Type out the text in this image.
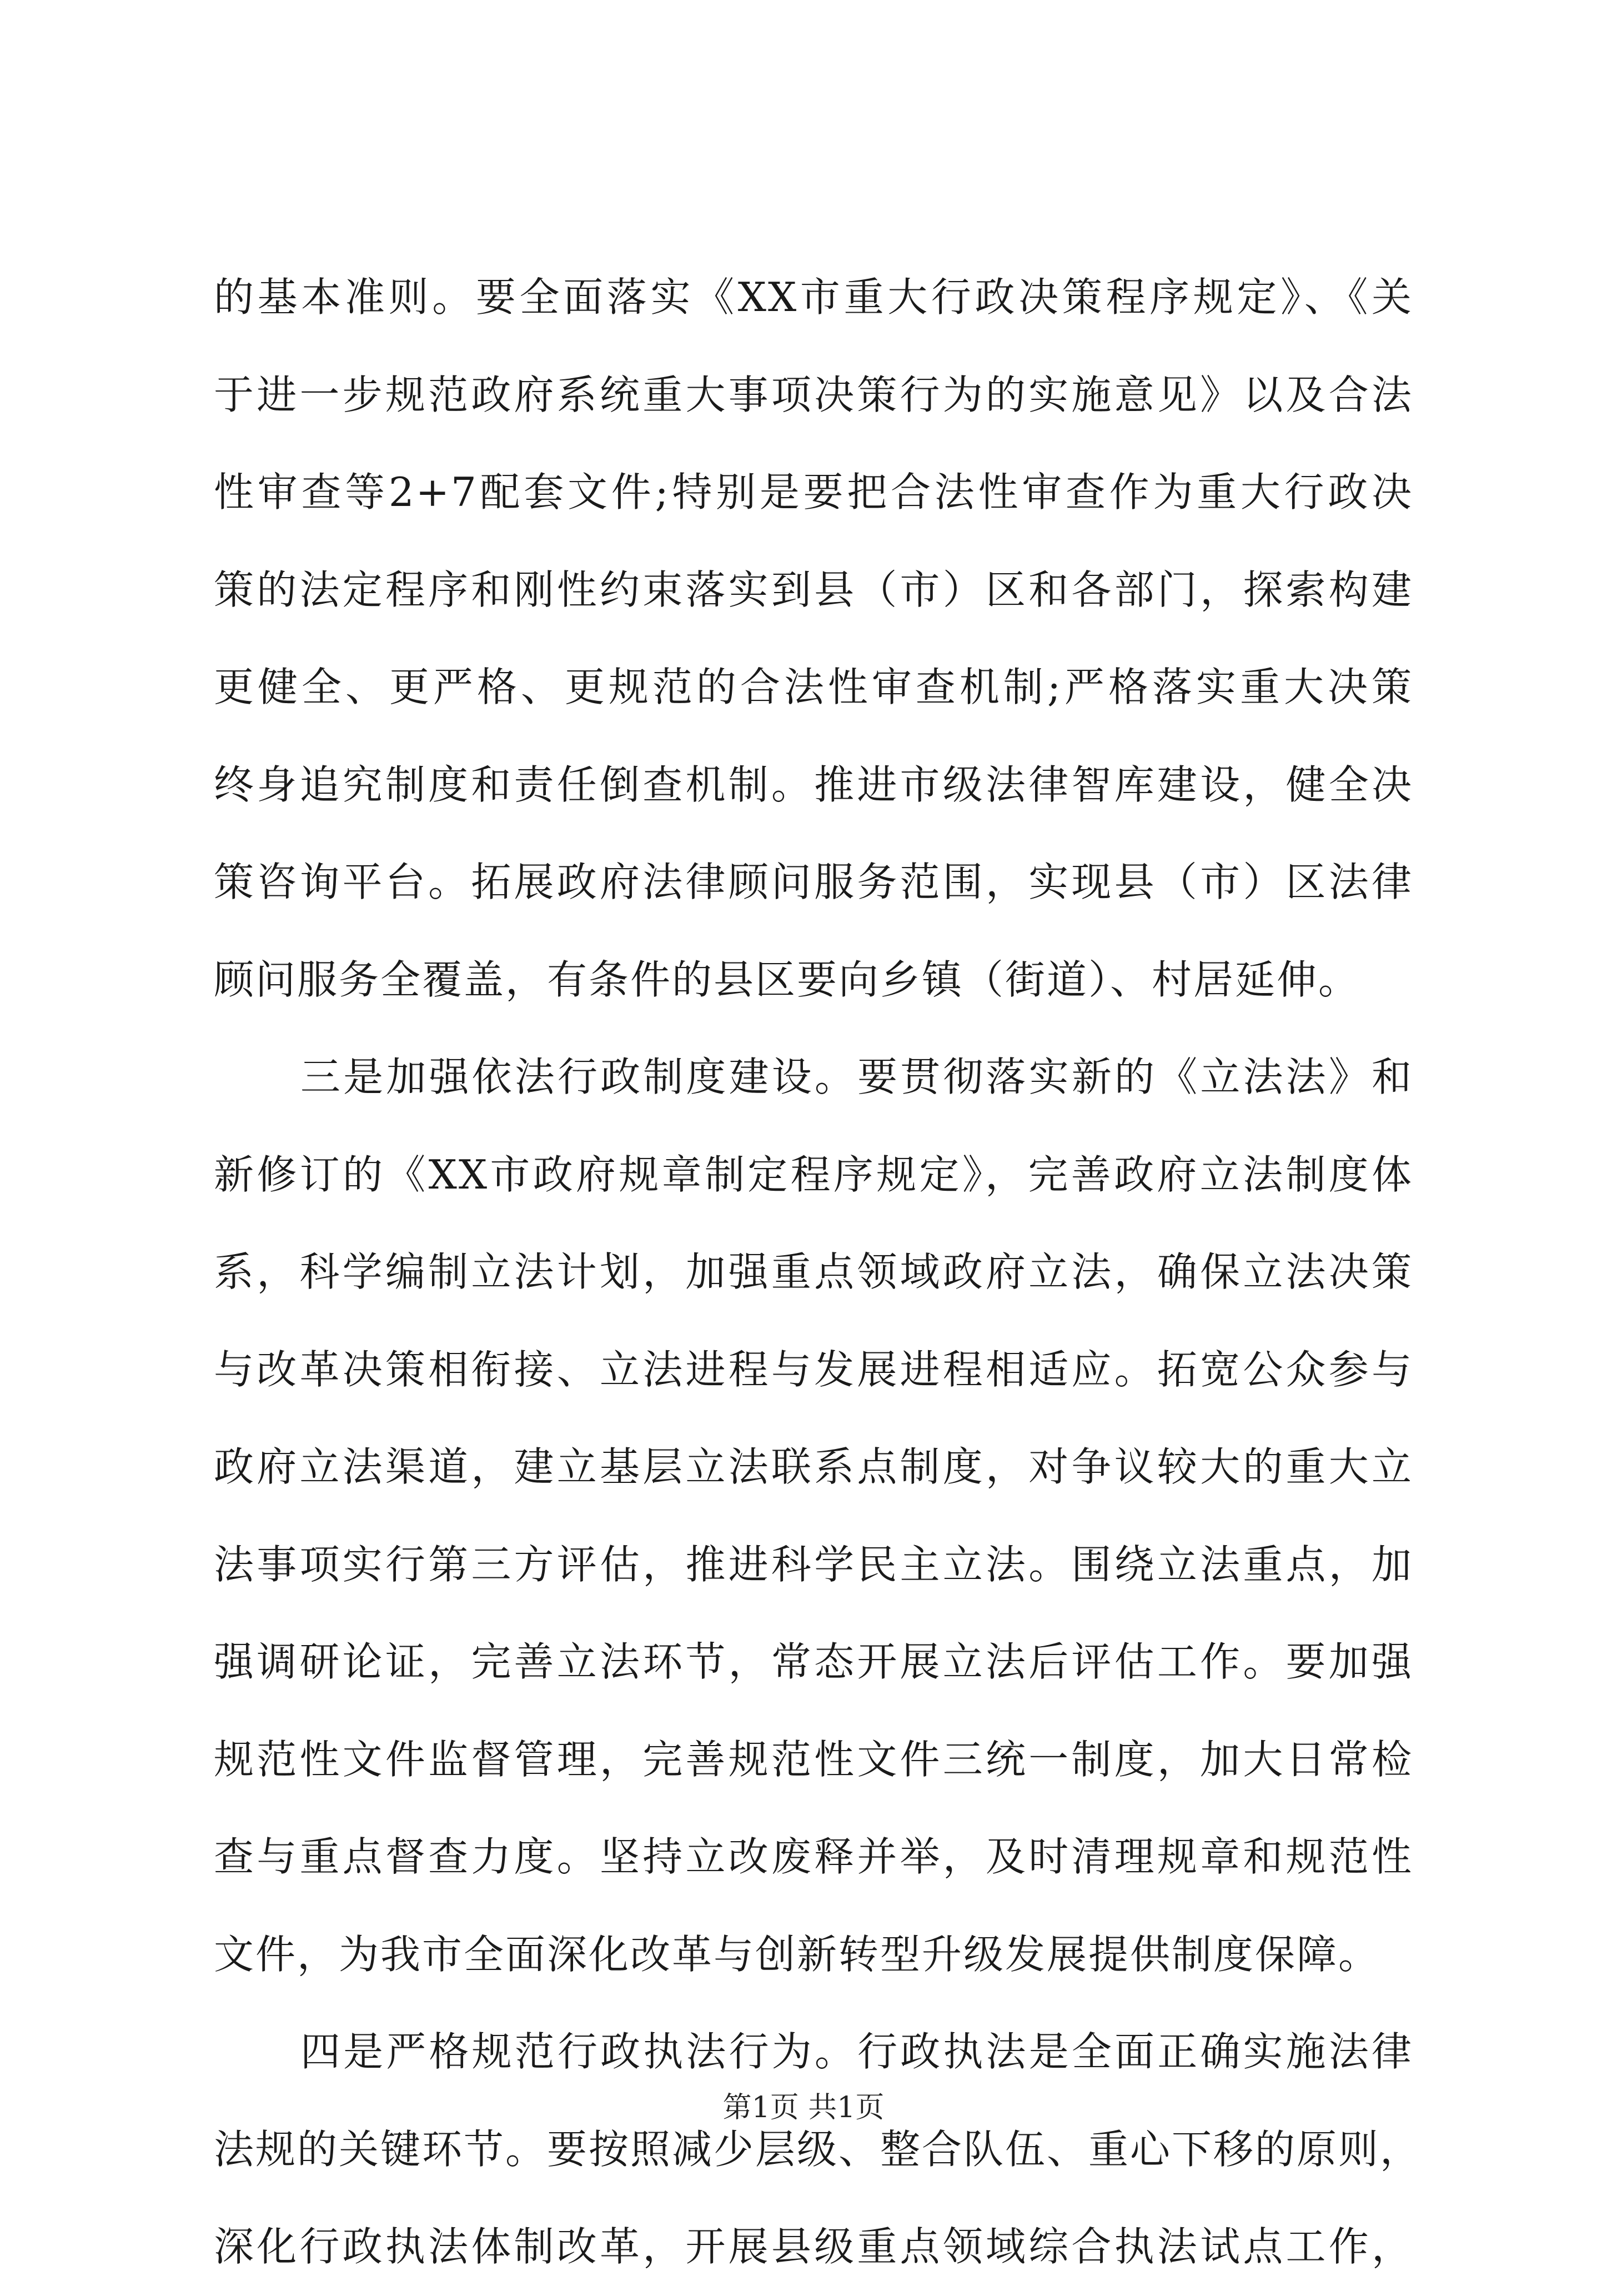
的基本准则。要全面落实《XX市重大行政决策程序规定》、《关
于进一步规范政府系统重大事项决策行为的实施意见》以及合法
性审查等2+7配套文件;特别是要把合法性审查作为重大行政决
策的法定程序和刚性约束落实到县（市）区和各部门，探索构建
更健全、更严格、更规范的合法性审查机制;严格落实重大决策
终身追究制度和责任倒查机制。推进市级法律智库建设，健全决
策咨询平台。拓展政府法律顾问服务范围，实现县（市）区法律
顾问服务全覆盖，有条件的县区要向乡镇（街道）、村居延伸。
三是加强依法行政制度建设。要贯彻落实新的《立法法》和
新修订的《XX市政府规章制定程序规定》，完善政府立法制度体
系，科学编制立法计划，加强重点领域政府立法，确保立法决策
与改革决策相衔接、立法进程与发展进程相适应。拓宽公众参与
政府立法渠道，建立基层立法联系点制度，对争议较大的重大立
法事项实行第三方评估，推进科学民主立法。围绕立法重点，加
强调研论证，完善立法环节，常态开展立法后评估工作。要加强
规范性文件监督管理，完善规范性文件三统一制度，加大日常检
查与重点督查力度。坚持立改废释并举，及时清理规章和规范性
文件，为我市全面深化改革与创新转型升级发展提供制度保障。
四是严格规范行政执法行为。行政执法是全面正确实施法律
法规的关键环节。要按照减少层级、整合队伍、重心下移的原则，
深化行政执法体制改革，开展县级重点领域综合执法试点工作，
第1页 共1页
